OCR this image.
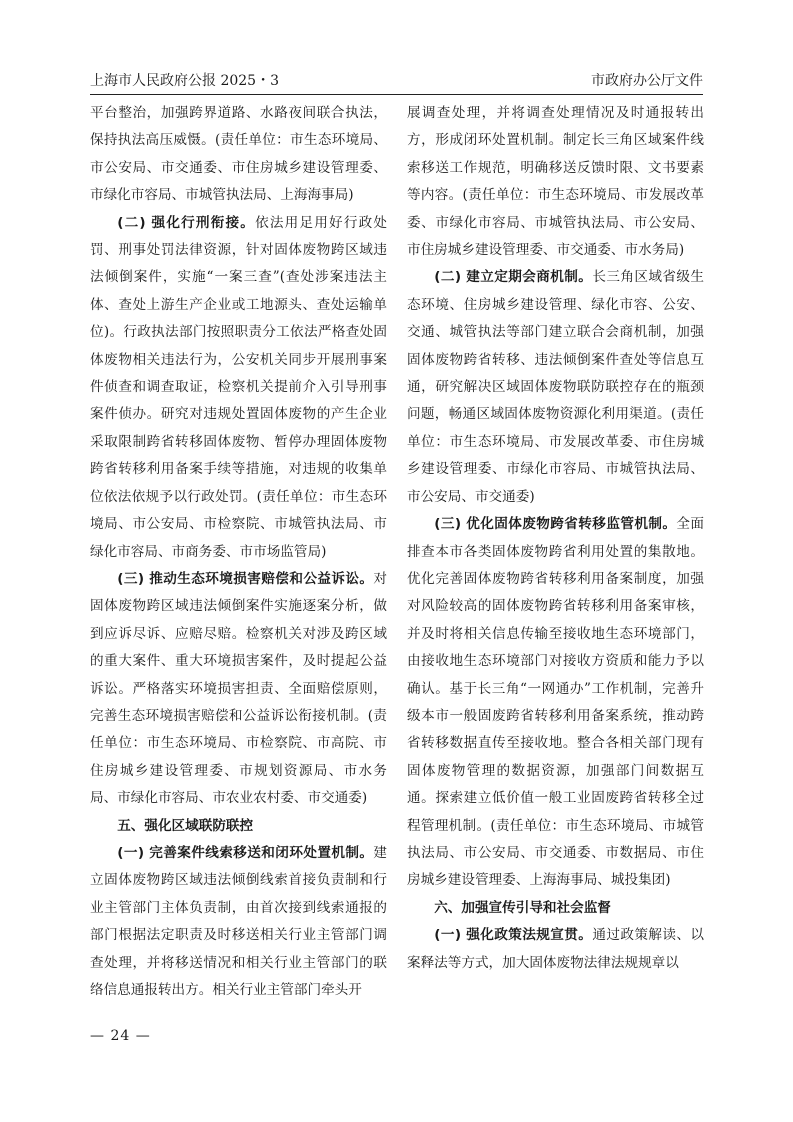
上海市人民政府公报 2025・3	市政府办公厅文件

平台整治，加强跨界道路、水路夜间联合执法，保持执法高压威慑。(责任单位：市生态环境局、市公安局、市交通委、市住房城乡建设管理委、市绿化市容局、市城管执法局、上海海事局)

(二) 强化行刑衔接。依法用足用好行政处罚、刑事处罚法律资源，针对固体废物跨区域违法倾倒案件，实施“一案三查”(查处涉案违法主体、查处上游生产企业或工地源头、查处运输单位)。行政执法部门按照职责分工依法严格查处固体废物相关违法行为，公安机关同步开展刑事案件侦查和调查取证，检察机关提前介入引导刑事案件侦办。研究对违规处置固体废物的产生企业采取限制跨省转移固体废物、暂停办理固体废物跨省转移利用备案手续等措施，对违规的收集单位依法依规予以行政处罚。(责任单位：市生态环境局、市公安局、市检察院、市城管执法局、市绿化市容局、市商务委、市市场监管局)

(三) 推动生态环境损害赔偿和公益诉讼。对固体废物跨区域违法倾倒案件实施逐案分析，做到应诉尽诉、应赔尽赔。检察机关对涉及跨区域的重大案件、重大环境损害案件，及时提起公益诉讼。严格落实环境损害担责、全面赔偿原则，完善生态环境损害赔偿和公益诉讼衔接机制。(责任单位：市生态环境局、市检察院、市高院、市住房城乡建设管理委、市规划资源局、市水务局、市绿化市容局、市农业农村委、市交通委)

五、强化区域联防联控

(一) 完善案件线索移送和闭环处置机制。建立固体废物跨区域违法倾倒线索首接负责制和行业主管部门主体负责制，由首次接到线索通报的部门根据法定职责及时移送相关行业主管部门调查处理，并将移送情况和相关行业主管部门的联络信息通报转出方。相关行业主管部门牵头开

展调查处理，并将调查处理情况及时通报转出方，形成闭环处置机制。制定长三角区域案件线索移送工作规范，明确移送反馈时限、文书要素等内容。(责任单位：市生态环境局、市发展改革委、市绿化市容局、市城管执法局、市公安局、市住房城乡建设管理委、市交通委、市水务局)

(二) 建立定期会商机制。长三角区域省级生态环境、住房城乡建设管理、绿化市容、公安、交通、城管执法等部门建立联合会商机制，加强固体废物跨省转移、违法倾倒案件查处等信息互通，研究解决区域固体废物联防联控存在的瓶颈问题，畅通区域固体废物资源化利用渠道。(责任单位：市生态环境局、市发展改革委、市住房城乡建设管理委、市绿化市容局、市城管执法局、市公安局、市交通委)

(三) 优化固体废物跨省转移监管机制。全面排查本市各类固体废物跨省利用处置的集散地。优化完善固体废物跨省转移利用备案制度，加强对风险较高的固体废物跨省转移利用备案审核，并及时将相关信息传输至接收地生态环境部门，由接收地生态环境部门对接收方资质和能力予以确认。基于长三角“一网通办”工作机制，完善升级本市一般固废跨省转移利用备案系统，推动跨省转移数据直传至接收地。整合各相关部门现有固体废物管理的数据资源，加强部门间数据互通。探索建立低价值一般工业固废跨省转移全过程管理机制。(责任单位：市生态环境局、市城管执法局、市公安局、市交通委、市数据局、市住房城乡建设管理委、上海海事局、城投集团)

六、加强宣传引导和社会监督

(一) 强化政策法规宣贯。通过政策解读、以案释法等方式，加大固体废物法律法规规章以

— 24 —
